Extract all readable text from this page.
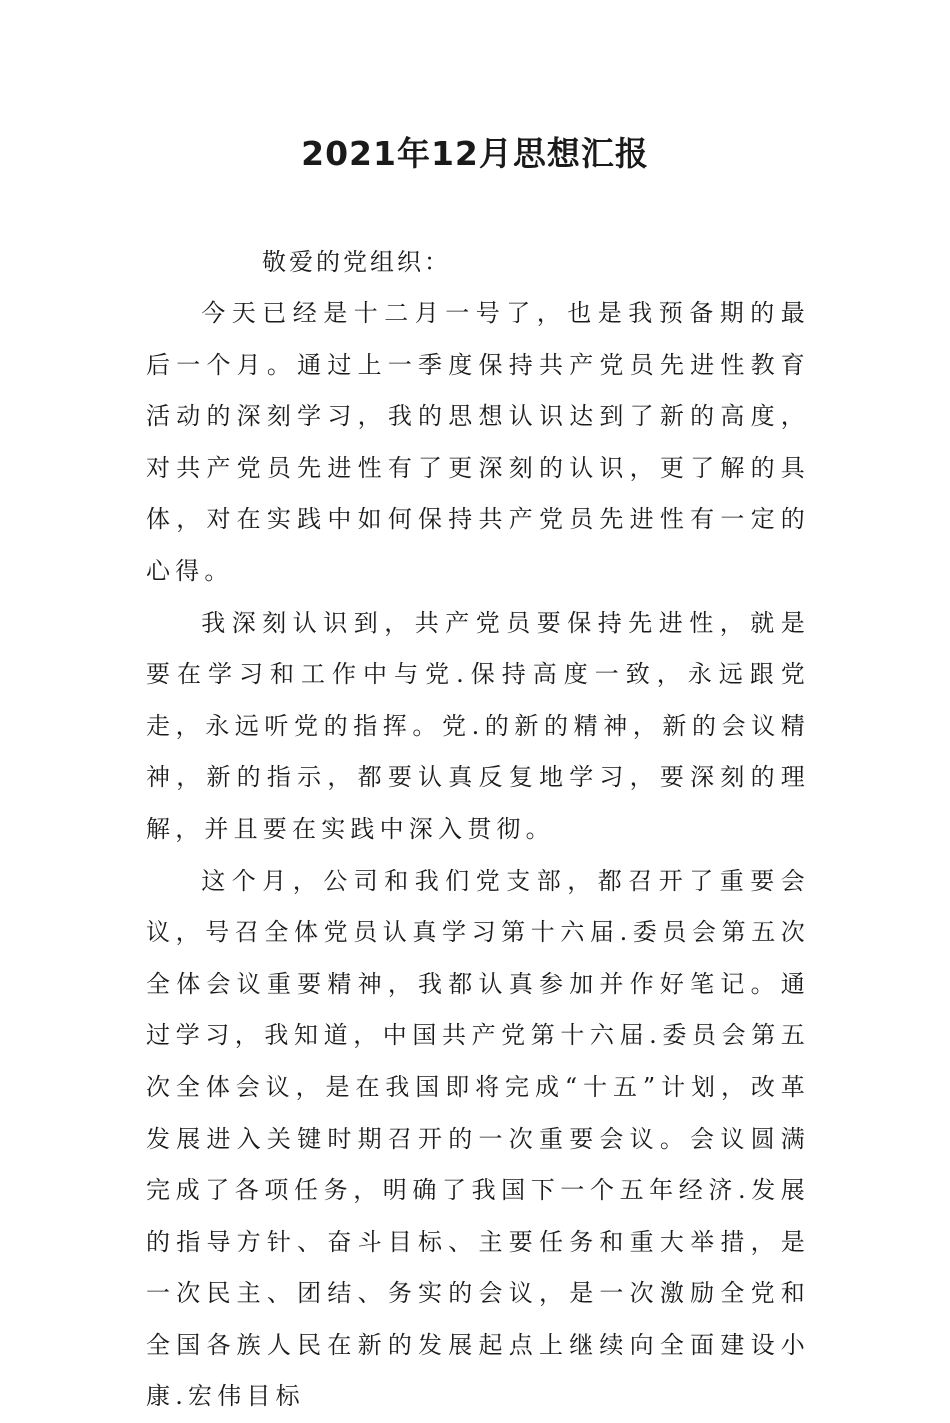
2021年12月思想汇报

敬爱的党组织：

今天已经是十二月一号了，也是我预备期的最后一个月。通过上一季度保持共产党员先进性教育活动的深刻学习，我的思想认识达到了新的高度，对共产党员先进性有了更深刻的认识，更了解的具体，对在实践中如何保持共产党员先进性有一定的心得。

我深刻认识到，共产党员要保持先进性，就是要在学习和工作中与党.保持高度一致，永远跟党走，永远听党的指挥。党.的新的精神，新的会议精神，新的指示，都要认真反复地学习，要深刻的理解，并且要在实践中深入贯彻。

这个月，公司和我们党支部，都召开了重要会议，号召全体党员认真学习第十六届.委员会第五次全体会议重要精神，我都认真参加并作好笔记。通过学习，我知道，中国共产党第十六届.委员会第五次全体会议，是在我国即将完成“十五”计划，改革发展进入关键时期召开的一次重要会议。会议圆满完成了各项任务，明确了我国下一个五年经济.发展的指导方针、奋斗目标、主要任务和重大举措，是一次民主、团结、务实的会议，是一次激励全党和全国各族人民在新的发展起点上继续向全面建设小康.宏伟目标
